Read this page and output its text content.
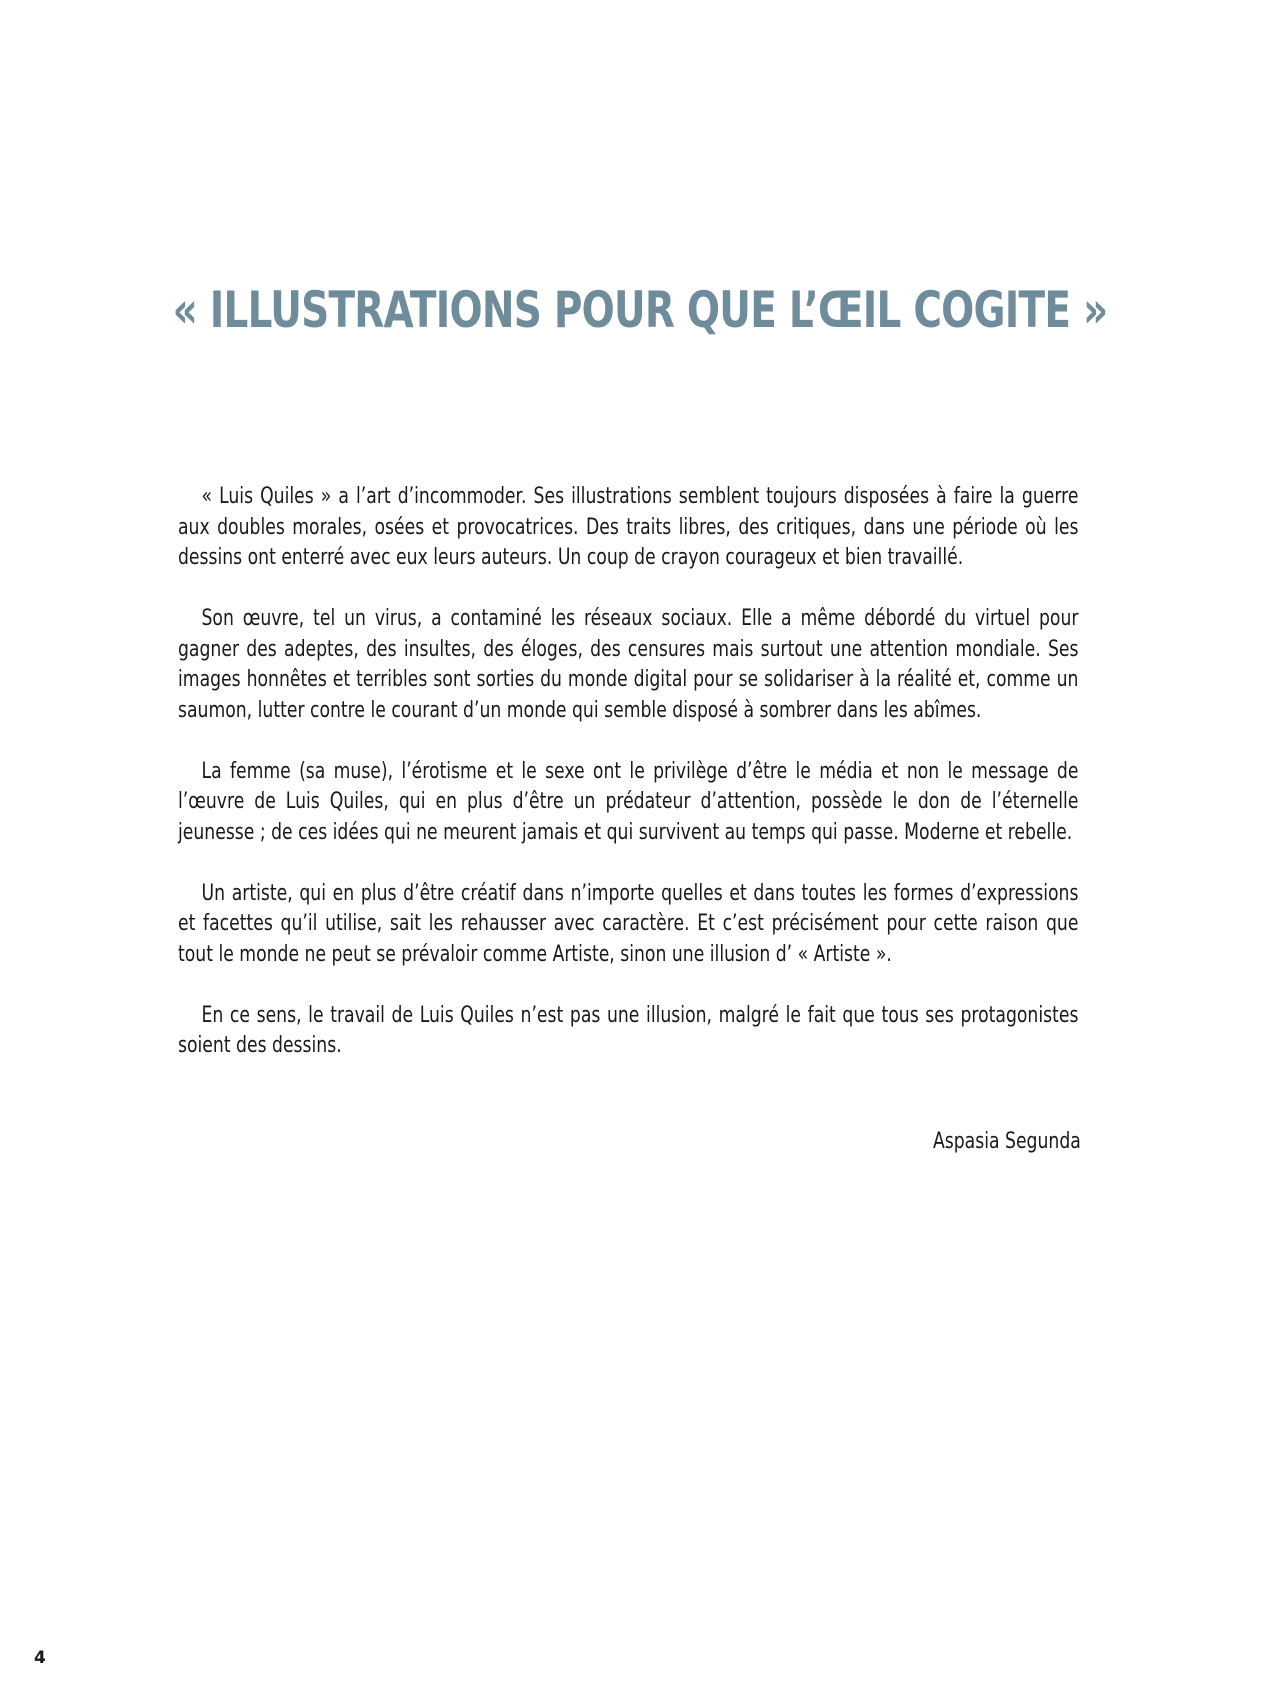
« ILLUSTRATIONS POUR QUE L’ŒIL COGITE »

« Luis Quiles » a l’art d’incommoder. Ses illustrations semblent toujours disposées à faire la guerre aux doubles morales, osées et provocatrices. Des traits libres, des critiques, dans une période où les dessins ont enterré avec eux leurs auteurs. Un coup de crayon courageux et bien travaillé.

Son œuvre, tel un virus, a contaminé les réseaux sociaux. Elle a même débordé du virtuel pour gagner des adeptes, des insultes, des éloges, des censures mais surtout une attention mondiale. Ses images honnêtes et terribles sont sorties du monde digital pour se solidariser à la réalité et, comme un saumon, lutter contre le courant d’un monde qui semble disposé à sombrer dans les abîmes.

La femme (sa muse), l’érotisme et le sexe ont le privilège d’être le média et non le message de l’œuvre de Luis Quiles, qui en plus d’être un prédateur d’attention, possède le don de l’éternelle jeunesse ; de ces idées qui ne meurent jamais et qui survivent au temps qui passe. Moderne et rebelle.

Un artiste, qui en plus d’être créatif dans n’importe quelles et dans toutes les formes d’expressions et facettes qu’il utilise, sait les rehausser avec caractère. Et c’est précisément pour cette raison que tout le monde ne peut se prévaloir comme Artiste, sinon une illusion d’ « Artiste ».

En ce sens, le travail de Luis Quiles n’est pas une illusion, malgré le fait que tous ses protagonistes soient des dessins.

Aspasia Segunda
4
